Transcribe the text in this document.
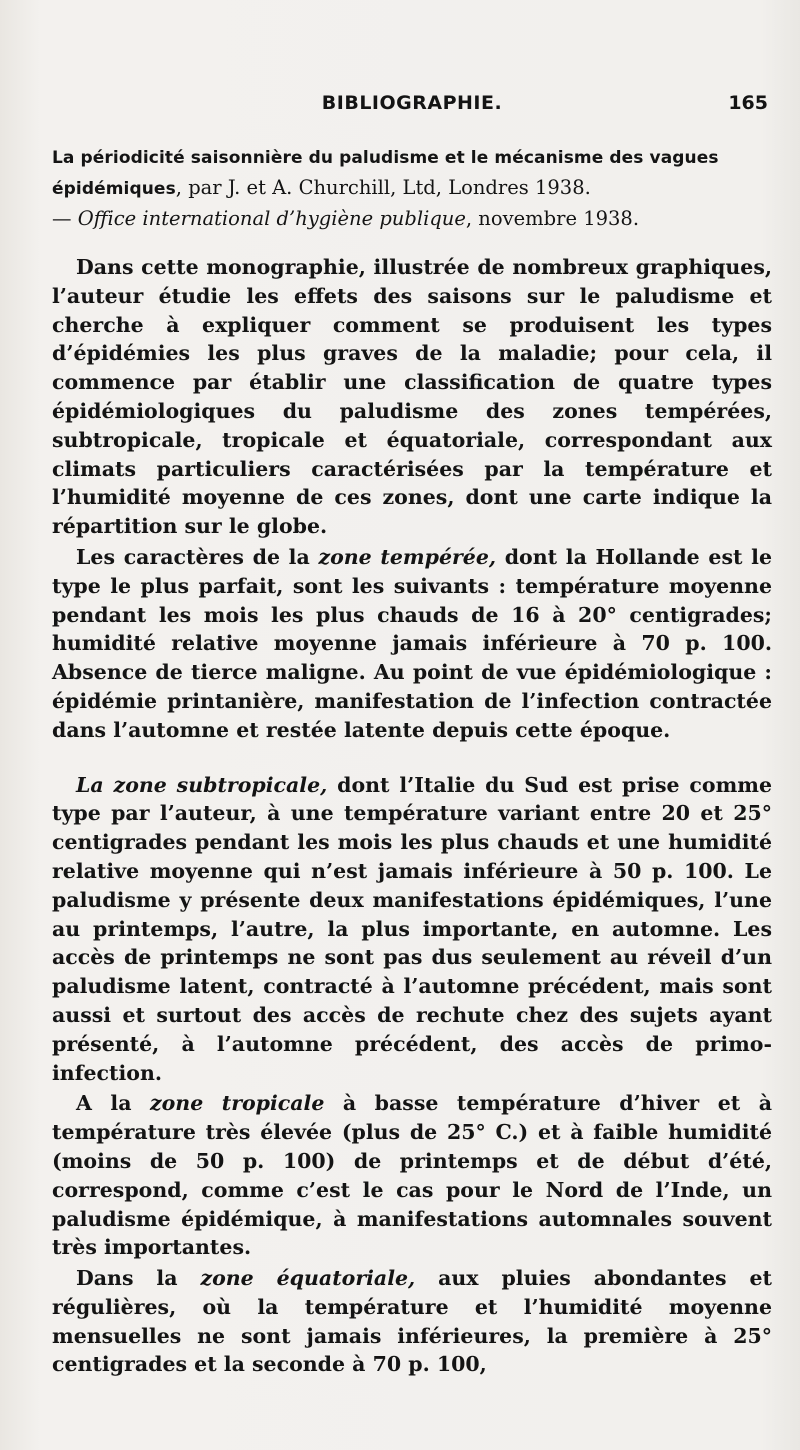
BIBLIOGRAPHIE.	165
La périodicité saisonnière du paludisme et le mécanisme des vagues épidémiques, par J. et A. Churchill, Ltd, Londres 1938.
— Office international d’hygiène publique, novembre 1938.

Dans cette monographie, illustrée de nombreux graphiques, l’auteur étudie les effets des saisons sur le paludisme et cherche à expliquer comment se produisent les types d’épidémies les plus graves de la maladie; pour cela, il commence par établir une classification de quatre types épidémiologiques du paludisme des zones tempérées, subtropicale, tropicale et équatoriale, correspondant aux climats particuliers caractérisées par la température et l’humidité moyenne de ces zones, dont une carte indique la répartition sur le globe.

Les caractères de la zone tempérée, dont la Hollande est le type le plus parfait, sont les suivants : température moyenne pendant les mois les plus chauds de 16 à 20° centigrades; humidité relative moyenne jamais inférieure à 70 p. 100. Absence de tierce maligne. Au point de vue épidémiologique : épidémie printanière, manifestation de l’infection contractée dans l’automne et restée latente depuis cette époque.

La zone subtropicale, dont l’Italie du Sud est prise comme type par l’auteur, à une température variant entre 20 et 25° centigrades pendant les mois les plus chauds et une humidité relative moyenne qui n’est jamais inférieure à 50 p. 100. Le paludisme y présente deux manifestations épidémiques, l’une au printemps, l’autre, la plus importante, en automne. Les accès de printemps ne sont pas dus seulement au réveil d’un paludisme latent, contracté à l’automne précédent, mais sont aussi et surtout des accès de rechute chez des sujets ayant présenté, à l’automne précédent, des accès de primo-infection.

A la zone tropicale à basse température d’hiver et à température très élevée (plus de 25° C.) et à faible humidité (moins de 50 p. 100) de printemps et de début d’été, correspond, comme c’est le cas pour le Nord de l’Inde, un paludisme épidémique, à manifestations automnales souvent très importantes.

Dans la zone équatoriale, aux pluies abondantes et régulières, où la température et l’humidité moyenne mensuelles ne sont jamais inférieures, la première à 25° centigrades et la seconde à 70 p. 100,
